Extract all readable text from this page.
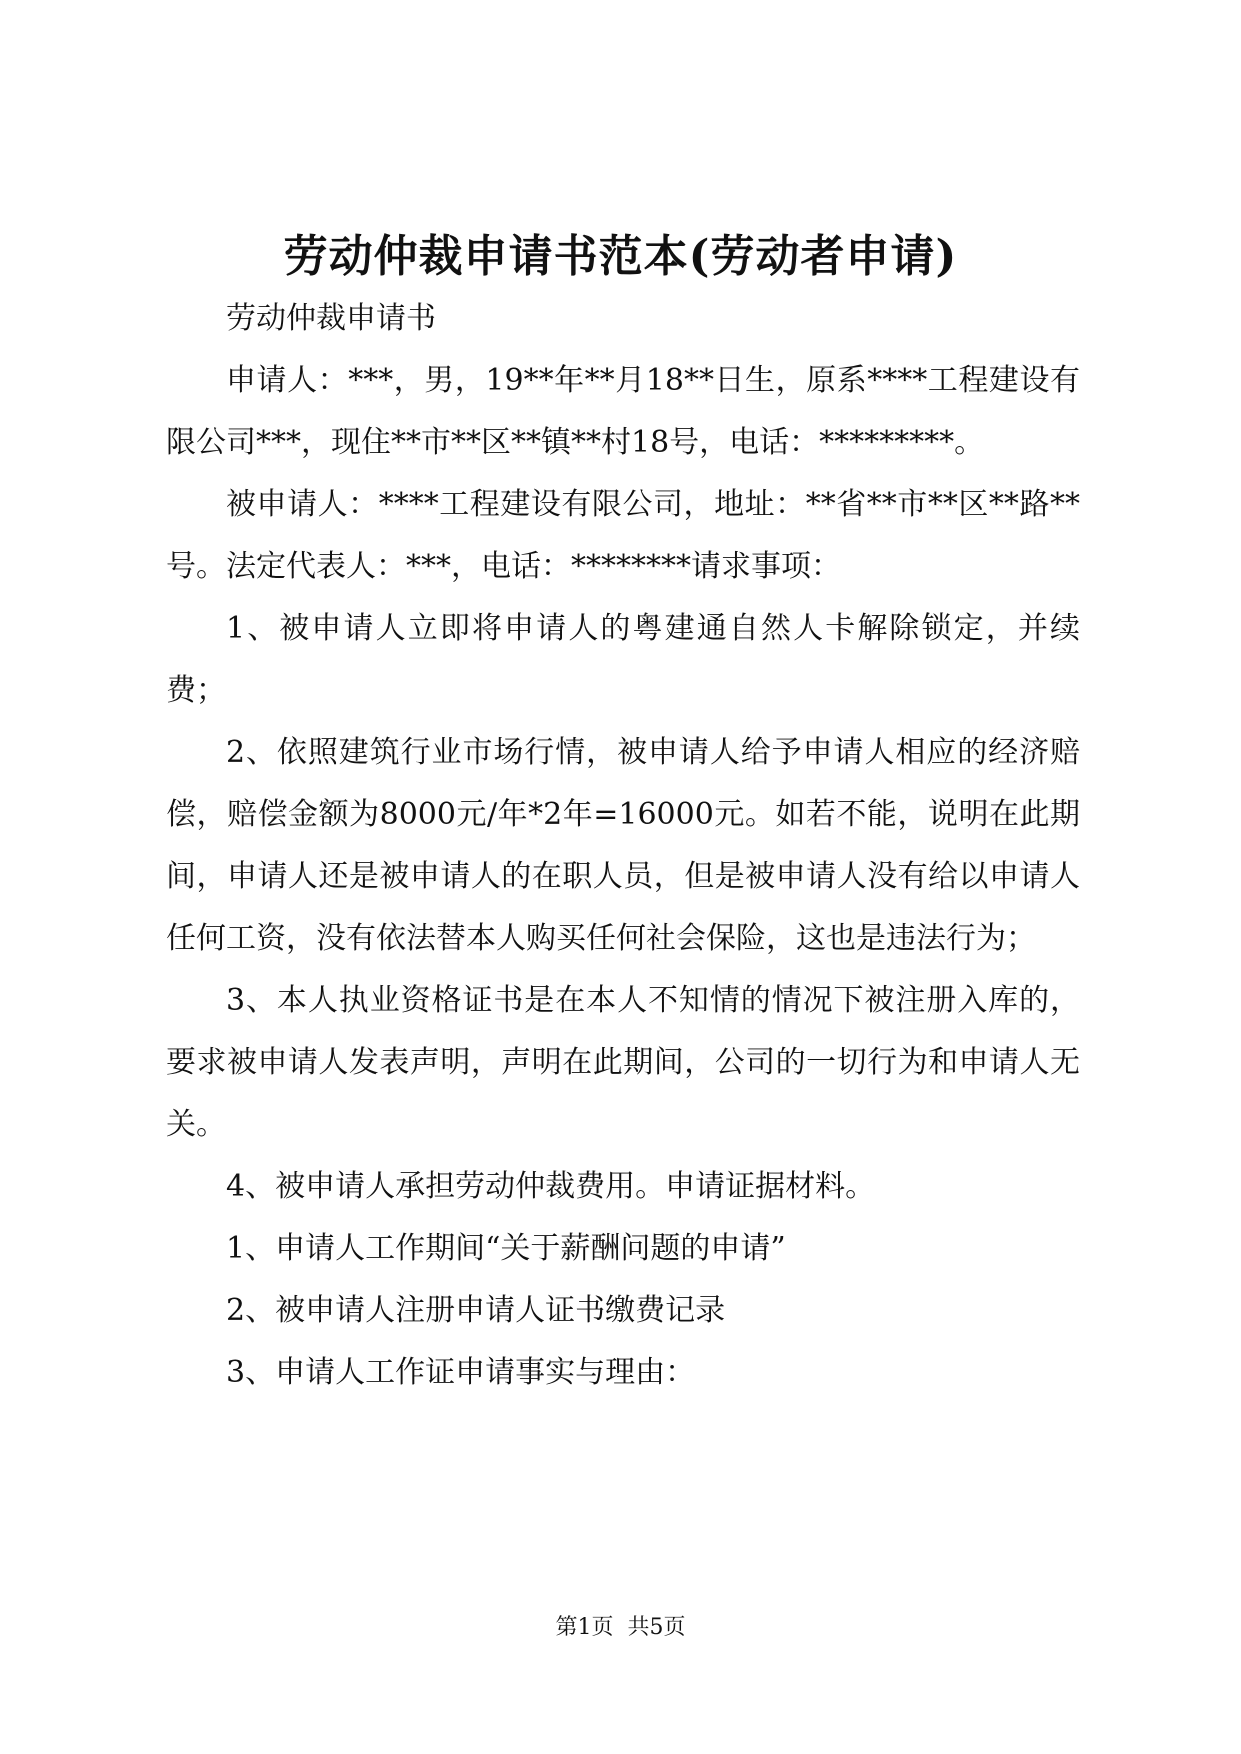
劳动仲裁申请书范本(劳动者申请)

劳动仲裁申请书

申请人：***，男，19**年**月18**日生，原系****工程建设有限公司***，现住**市**区**镇**村18号，电话：*********。

被申请人：****工程建设有限公司，地址：**省**市**区**路**号。法定代表人：***，电话：********请求事项：

1、被申请人立即将申请人的粤建通自然人卡解除锁定，并续费；

2、依照建筑行业市场行情，被申请人给予申请人相应的经济赔偿，赔偿金额为8000元/年*2年=16000元。如若不能，说明在此期间，申请人还是被申请人的在职人员，但是被申请人没有给以申请人任何工资，没有依法替本人购买任何社会保险，这也是违法行为；

3、本人执业资格证书是在本人不知情的情况下被注册入库的，要求被申请人发表声明，声明在此期间，公司的一切行为和申请人无关。

4、被申请人承担劳动仲裁费用。申请证据材料。

1、申请人工作期间“关于薪酬问题的申请”

2、被申请人注册申请人证书缴费记录

3、申请人工作证申请事实与理由：

第1页  共5页
